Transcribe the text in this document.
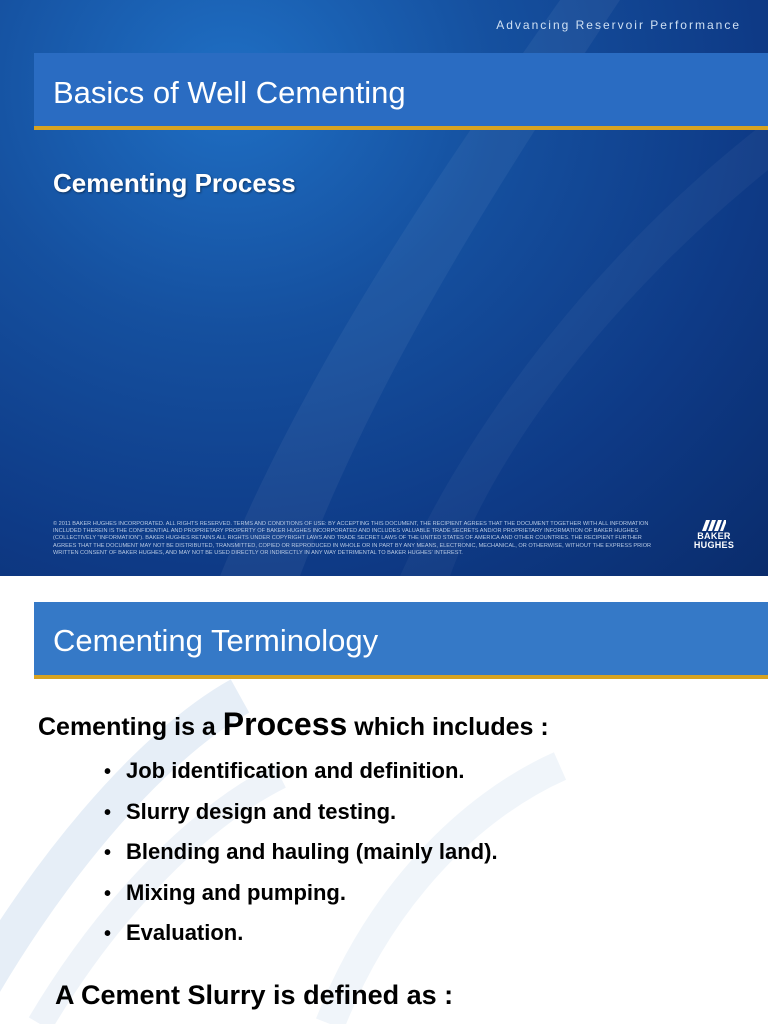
Advancing Reservoir Performance
Basics of Well Cementing
Cementing Process
© 2011 BAKER HUGHES INCORPORATED. ALL RIGHTS RESERVED. TERMS AND CONDITIONS OF USE: BY ACCEPTING THIS DOCUMENT, THE RECIPIENT AGREES THAT THE DOCUMENT TOGETHER WITH ALL INFORMATION INCLUDED THEREIN IS THE CONFIDENTIAL AND PROPRIETARY PROPERTY OF BAKER HUGHES INCORPORATED AND INCLUDES VALUABLE TRADE SECRETS AND/OR PROPRIETARY INFORMATION OF BAKER HUGHES (COLLECTIVELY "INFORMATION"). BAKER HUGHES RETAINS ALL RIGHTS UNDER COPYRIGHT LAWS AND TRADE SECRET LAWS OF THE UNITED STATES OF AMERICA AND OTHER COUNTRIES. THE RECIPIENT FURTHER AGREES THAT THE DOCUMENT MAY NOT BE DISTRIBUTED, TRANSMITTED, COPIED OR REPRODUCED IN WHOLE OR IN PART BY ANY MEANS, ELECTRONIC, MECHANICAL, OR OTHERWISE, WITHOUT THE EXPRESS PRIOR WRITTEN CONSENT OF BAKER HUGHES, AND MAY NOT BE USED DIRECTLY OR INDIRECTLY IN ANY WAY DETRIMENTAL TO BAKER HUGHES' INTEREST.
BAKER
HUGHES
Cementing Terminology
Cementing is a Process which includes :
• Job identification and definition.
• Slurry design and testing.
• Blending and hauling (mainly land).
• Mixing and pumping.
• Evaluation.
A Cement Slurry is defined as :
